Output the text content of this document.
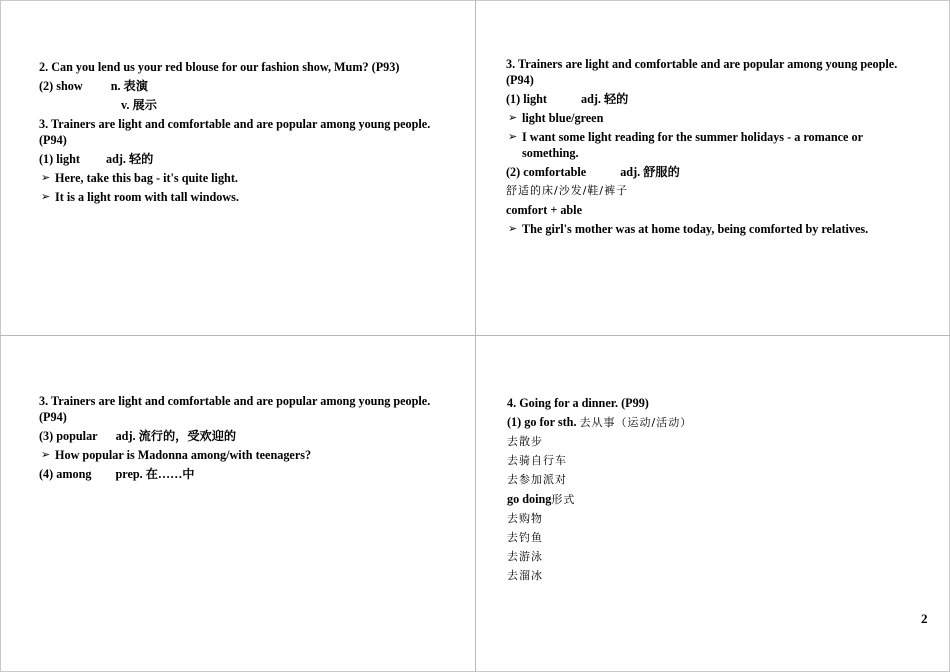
2. Can you lend us your red blouse for our fashion show, Mum? (P93)
(2) show n. 表演
v. 展示
3. Trainers are light and comfortable and are popular among young people. (P94)
(1) light adj. 轻的
➢ Here, take this bag - it's quite light.
➢ It is a light room with tall windows.
3. Trainers are light and comfortable and are popular among young people. (P94)
(1) light	adj. 轻的
➢ light blue/green
➢ I want some light reading for the summer holidays - a romance or something.
(2) comfortable	adj. 舒服的
舒适的床/沙发/鞋/裤子
comfort + able
➢ The girl's mother was at home today, being comforted by relatives.
3. Trainers are light and comfortable and are popular among young people. (P94)
(3) popular adj. 流行的，受欢迎的
➢ How popular is Madonna among/with teenagers?
(4) among prep. 在……中
4. Going for a dinner. (P99)
(1) go for sth. 去从事（运动/活动）
去散步
去骑自行车
去参加派对
go doing形式
去购物
去钓鱼
去游泳
去溜冰
2
